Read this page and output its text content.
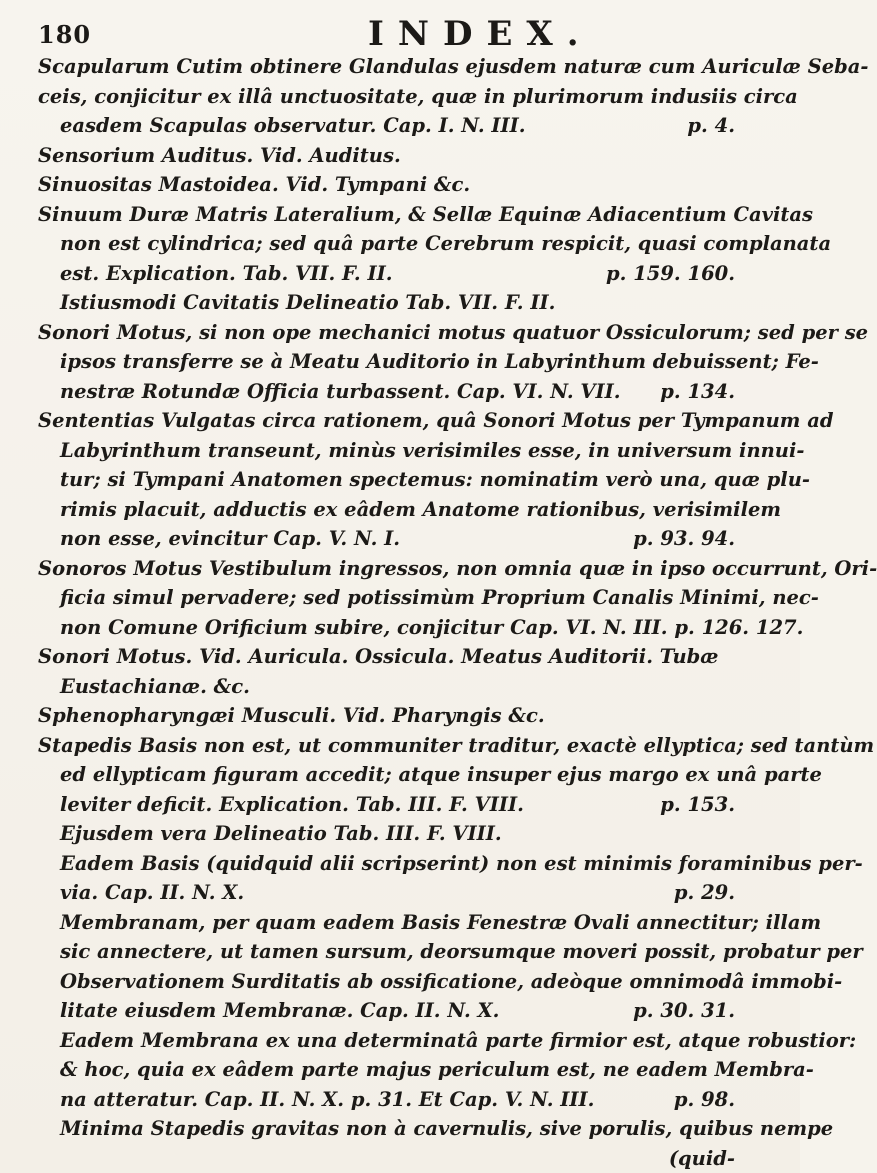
180	INDEX.
Scapularum Cutim obtinere Glandulas ejusdem naturæ cum Auriculæ Seba-
ceis, conjicitur ex illâ unctuositate, quæ in plurimorum indusiis circa
easdem Scapulas observatur. Cap. I. N. III.	p. 4.
Sensorium Auditus. Vid. Auditus.
Sinuositas Mastoidea. Vid. Tympani &c.
Sinuum Duræ Matris Lateralium, & Sellæ Equinæ Adiacentium Cavitas
non est cylindrica; sed quâ parte Cerebrum respicit, quasi complanata
est. Explication. Tab. VII. F. II.	p. 159. 160.
Istiusmodi Cavitatis Delineatio Tab. VII. F. II.
Sonori Motus, si non ope mechanici motus quatuor Ossiculorum; sed per se
ipsos transferre se à Meatu Auditorio in Labyrinthum debuissent; Fe-
nestræ Rotundæ Officia turbassent. Cap. VI. N. VII. p. 134.
Sententias Vulgatas circa rationem, quâ Sonori Motus per Tympanum ad
Labyrinthum transeunt, minùs verisimiles esse, in universum innui-
tur; si Tympani Anatomen spectemus: nominatim verò una, quæ plu-
rimis placuit, adductis ex eâdem Anatome rationibus, verisimilem
non esse, evincitur Cap. V. N. I.	p. 93. 94.
Sonoros Motus Vestibulum ingressos, non omnia quæ in ipso occurrunt, Ori-
ficia simul pervadere; sed potissimùm Proprium Canalis Minimi, nec-
non Comune Orificium subire, conjicitur Cap. VI. N. III. p. 126. 127.
Sonori Motus. Vid. Auricula. Ossicula. Meatus Auditorii. Tubæ
Eustachianæ. &c.
Sphenopharyngæi Musculi. Vid. Pharyngis &c.
Stapedis Basis non est, ut communiter traditur, exactè ellyptica; sed tantùm
ed ellypticam figuram accedit; atque insuper ejus margo ex unâ parte
leviter deficit. Explication. Tab. III. F. VIII.	p. 153.
Ejusdem vera Delineatio Tab. III. F. VIII.
Eadem Basis (quidquid alii scripserint) non est minimis foraminibus per-
via. Cap. II. N. X.	p. 29.
Membranam, per quam eadem Basis Fenestræ Ovali annectitur; illam
sic annectere, ut tamen sursum, deorsumque moveri possit, probatur per
Observationem Surditatis ab ossificatione, adeòque omnimodâ immobi-
litate eiusdem Membranæ. Cap. II. N. X.	p. 30. 31.
Eadem Membrana ex una determinatâ parte firmior est, atque robustior:
& hoc, quia ex eâdem parte majus periculum est, ne eadem Membra-
na atteratur. Cap. II. N. X. p. 31. Et Cap. V. N. III.	p. 98.
Minima Stapedis gravitas non à cavernulis, sive porulis, quibus nempe
(quid-
